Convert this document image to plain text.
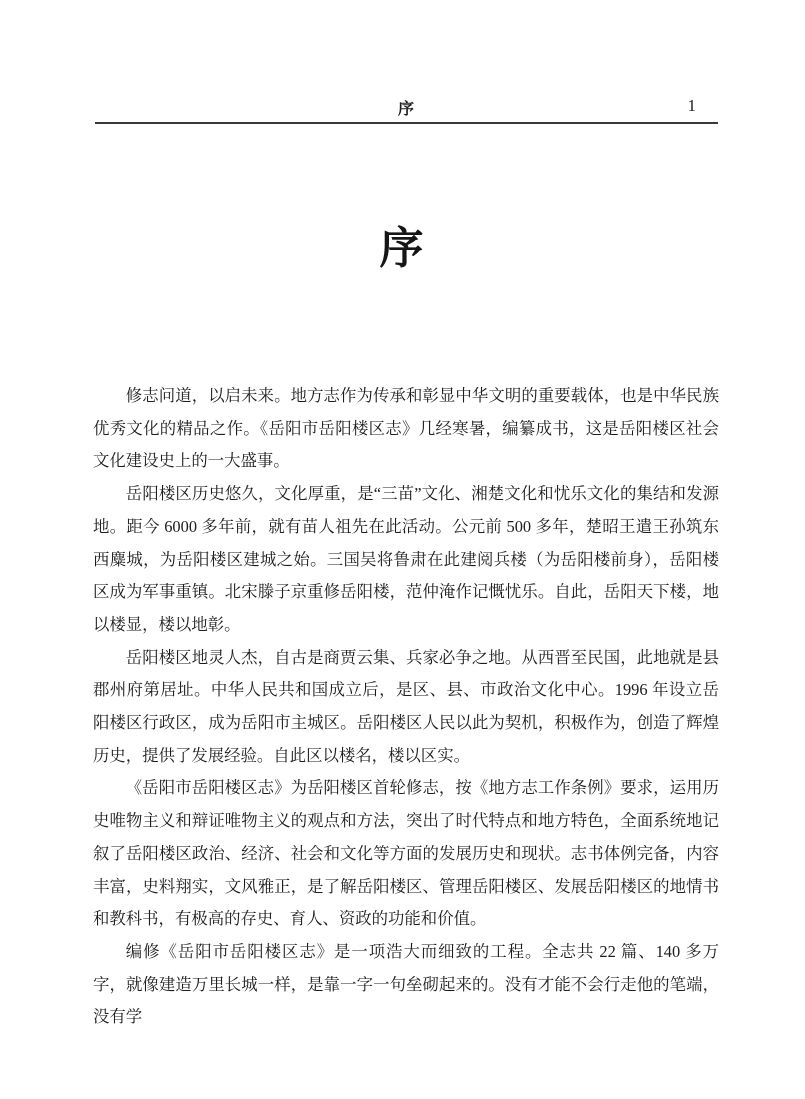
序	1
序

修志问道，以启未来。地方志作为传承和彰显中华文明的重要载体，也是中华民族优秀文化的精品之作。《岳阳市岳阳楼区志》几经寒暑，编纂成书，这是岳阳楼区社会文化建设史上的一大盛事。

岳阳楼区历史悠久，文化厚重，是“三苗”文化、湘楚文化和忧乐文化的集结和发源地。距今 6000 多年前，就有苗人祖先在此活动。公元前 500 多年，楚昭王遣王孙筑东西麋城，为岳阳楼区建城之始。三国吴将鲁肃在此建阅兵楼（为岳阳楼前身），岳阳楼区成为军事重镇。北宋滕子京重修岳阳楼，范仲淹作记慨忧乐。自此，岳阳天下楼，地以楼显，楼以地彰。

岳阳楼区地灵人杰，自古是商贾云集、兵家必争之地。从西晋至民国，此地就是县郡州府第居址。中华人民共和国成立后，是区、县、市政治文化中心。1996 年设立岳阳楼区行政区，成为岳阳市主城区。岳阳楼区人民以此为契机，积极作为，创造了辉煌历史，提供了发展经验。自此区以楼名，楼以区实。

《岳阳市岳阳楼区志》为岳阳楼区首轮修志，按《地方志工作条例》要求，运用历史唯物主义和辩证唯物主义的观点和方法，突出了时代特点和地方特色，全面系统地记叙了岳阳楼区政治、经济、社会和文化等方面的发展历史和现状。志书体例完备，内容丰富，史料翔实，文风雅正，是了解岳阳楼区、管理岳阳楼区、发展岳阳楼区的地情书和教科书，有极高的存史、育人、资政的功能和价值。

编修《岳阳市岳阳楼区志》是一项浩大而细致的工程。全志共 22 篇、140 多万字，就像建造万里长城一样，是靠一字一句垒砌起来的。没有才能不会行走他的笔端，没有学
